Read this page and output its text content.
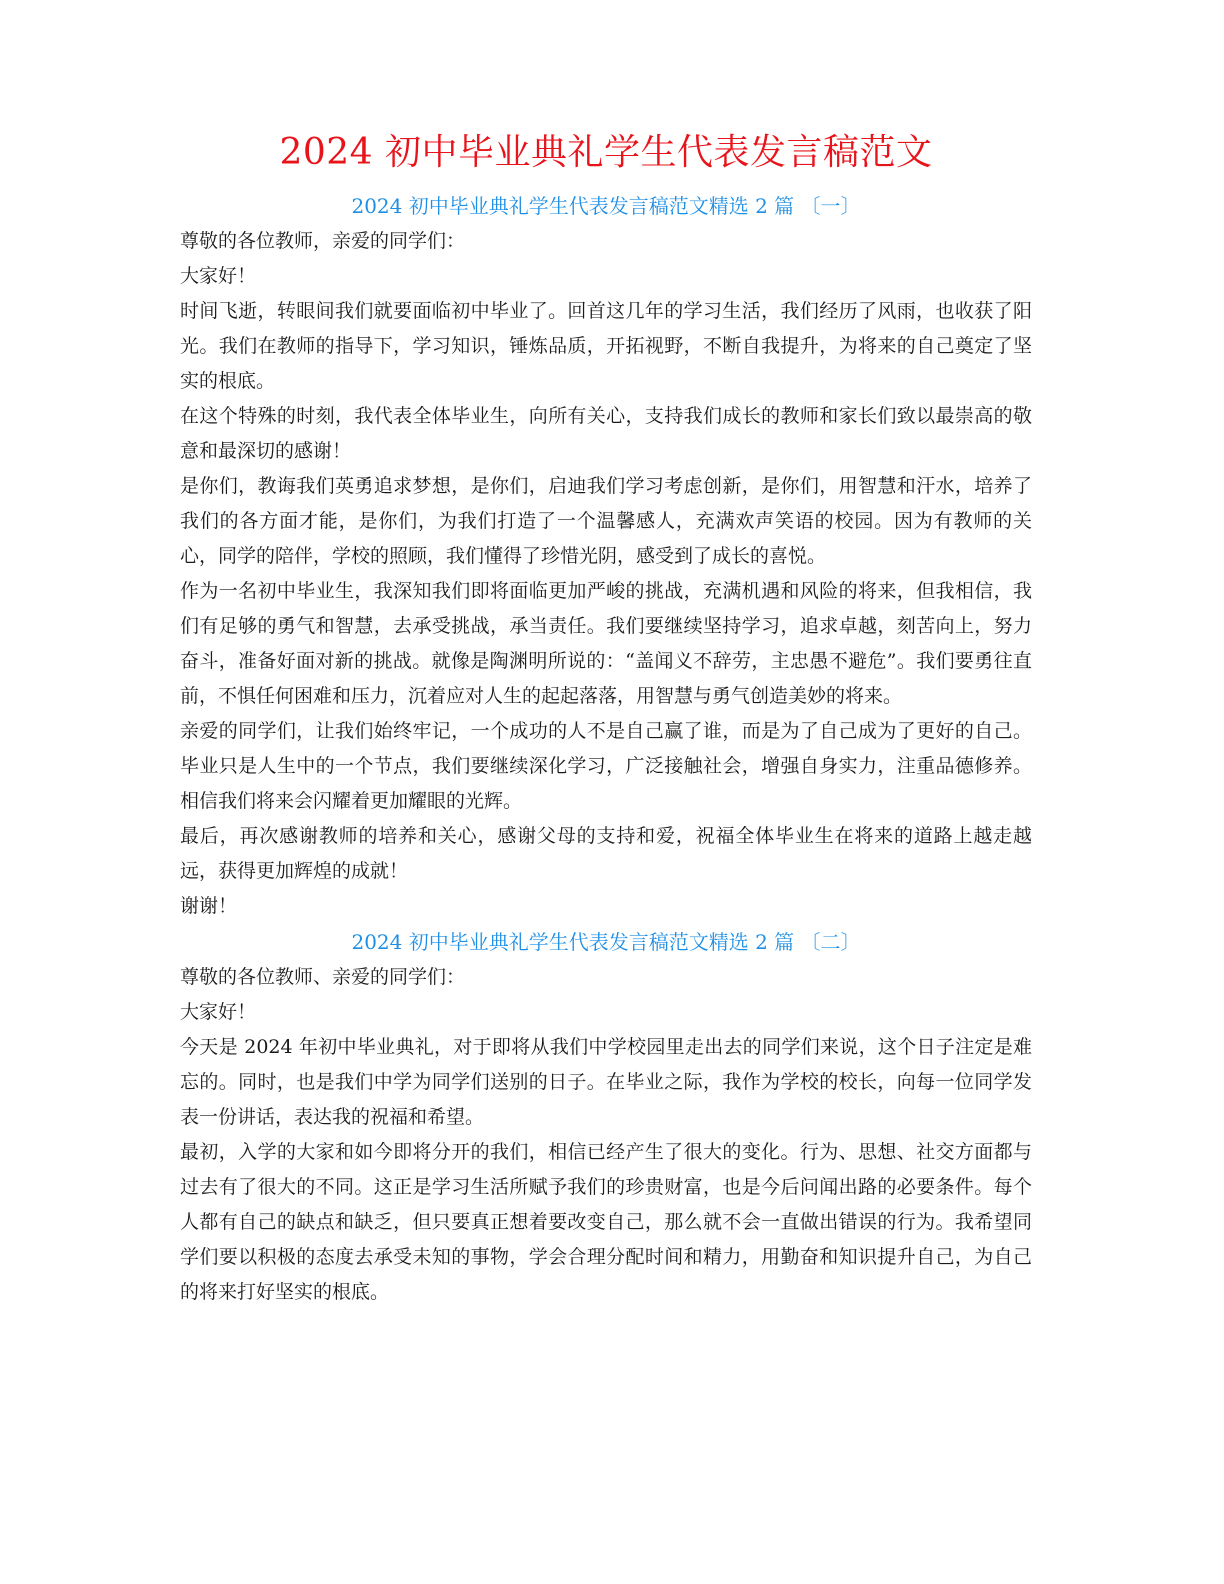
2024 初中毕业典礼学生代表发言稿范文
2024 初中毕业典礼学生代表发言稿范文精选 2 篇 〔一〕

尊敬的各位教师，亲爱的同学们：

大家好！

时间飞逝，转眼间我们就要面临初中毕业了。回首这几年的学习生活，我们经历了风雨，也收获了阳光。我们在教师的指导下，学习知识，锤炼品质，开拓视野，不断自我提升，为将来的自己奠定了坚实的根底。

在这个特殊的时刻，我代表全体毕业生，向所有关心，支持我们成长的教师和家长们致以最崇高的敬意和最深切的感谢！

是你们，教诲我们英勇追求梦想，是你们，启迪我们学习考虑创新，是你们，用智慧和汗水，培养了我们的各方面才能，是你们，为我们打造了一个温馨感人，充满欢声笑语的校园。因为有教师的关心，同学的陪伴，学校的照顾，我们懂得了珍惜光阴，感受到了成长的喜悦。

作为一名初中毕业生，我深知我们即将面临更加严峻的挑战，充满机遇和风险的将来，但我相信，我们有足够的勇气和智慧，去承受挑战，承当责任。我们要继续坚持学习，追求卓越，刻苦向上，努力奋斗，准备好面对新的挑战。就像是陶渊明所说的：“盖闻义不辞劳，主忠愚不避危”。我们要勇往直前，不惧任何困难和压力，沉着应对人生的起起落落，用智慧与勇气创造美妙的将来。

亲爱的同学们，让我们始终牢记，一个成功的人不是自己赢了谁，而是为了自己成为了更好的自己。毕业只是人生中的一个节点，我们要继续深化学习，广泛接触社会，增强自身实力，注重品德修养。相信我们将来会闪耀着更加耀眼的光辉。

最后，再次感谢教师的培养和关心，感谢父母的支持和爱，祝福全体毕业生在将来的道路上越走越远，获得更加辉煌的成就！

谢谢！

2024 初中毕业典礼学生代表发言稿范文精选 2 篇 〔二〕

尊敬的各位教师、亲爱的同学们：

大家好！

今天是 2024 年初中毕业典礼，对于即将从我们中学校园里走出去的同学们来说，这个日子注定是难忘的。同时，也是我们中学为同学们送别的日子。在毕业之际，我作为学校的校长，向每一位同学发表一份讲话，表达我的祝福和希望。

最初，入学的大家和如今即将分开的我们，相信已经产生了很大的变化。行为、思想、社交方面都与过去有了很大的不同。这正是学习生活所赋予我们的珍贵财富，也是今后问闻出路的必要条件。每个人都有自己的缺点和缺乏，但只要真正想着要改变自己，那么就不会一直做出错误的行为。我希望同学们要以积极的态度去承受未知的事物，学会合理分配时间和精力，用勤奋和知识提升自己，为自己的将来打好坚实的根底。
